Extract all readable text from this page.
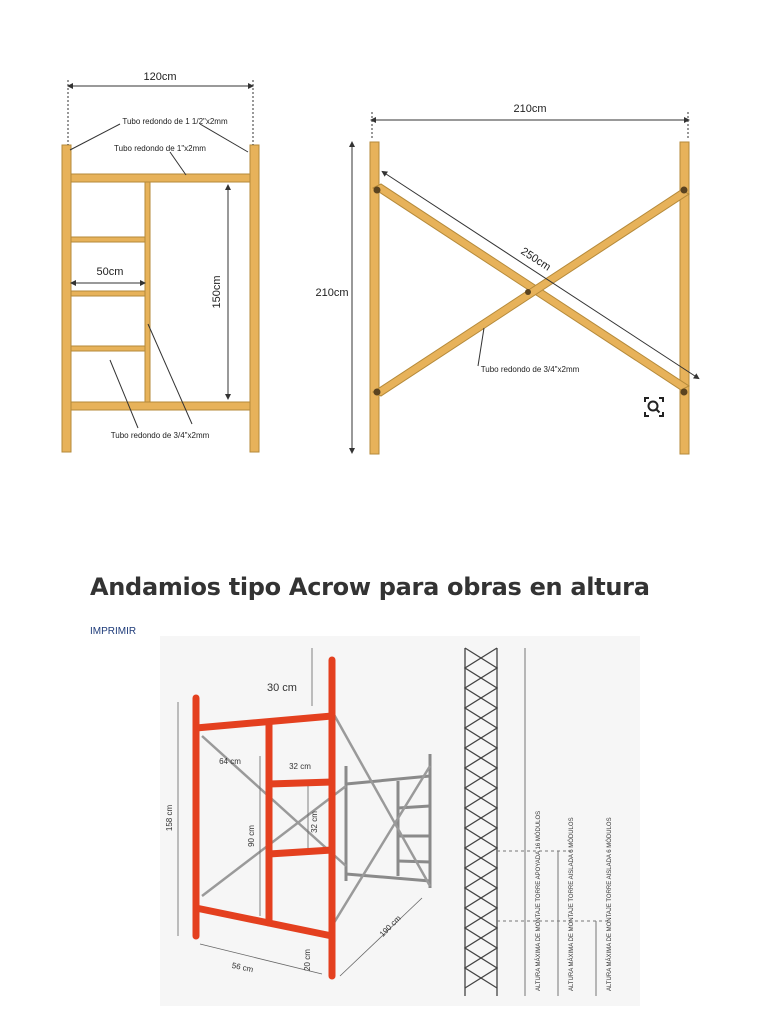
120cm
Tubo redondo de 1 1/2"x2mm
Tubo redondo de 1"x2mm
50cm
150cm
Tubo redondo de 3/4"x2mm
210cm
210cm
250cm
Tubo redondo de 3/4"x2mm
Andamios tipo Acrow para obras en altura
IMPRIMIR
30 cm
64 cm
32 cm
32 cm
90 cm
158 cm
56 cm	20 cm
190 cm	ALTURA MÁXIMA DE MONTAJE TORRE APOYADA 16 MÓDULOS	ALTURA MÁXIMA DE MONTAJE TORRE AISLADA 6 MÓDULOS	ALTURA MÁXIMA DE MONTAJE TORRE AISLADA 6 MÓDULOS
